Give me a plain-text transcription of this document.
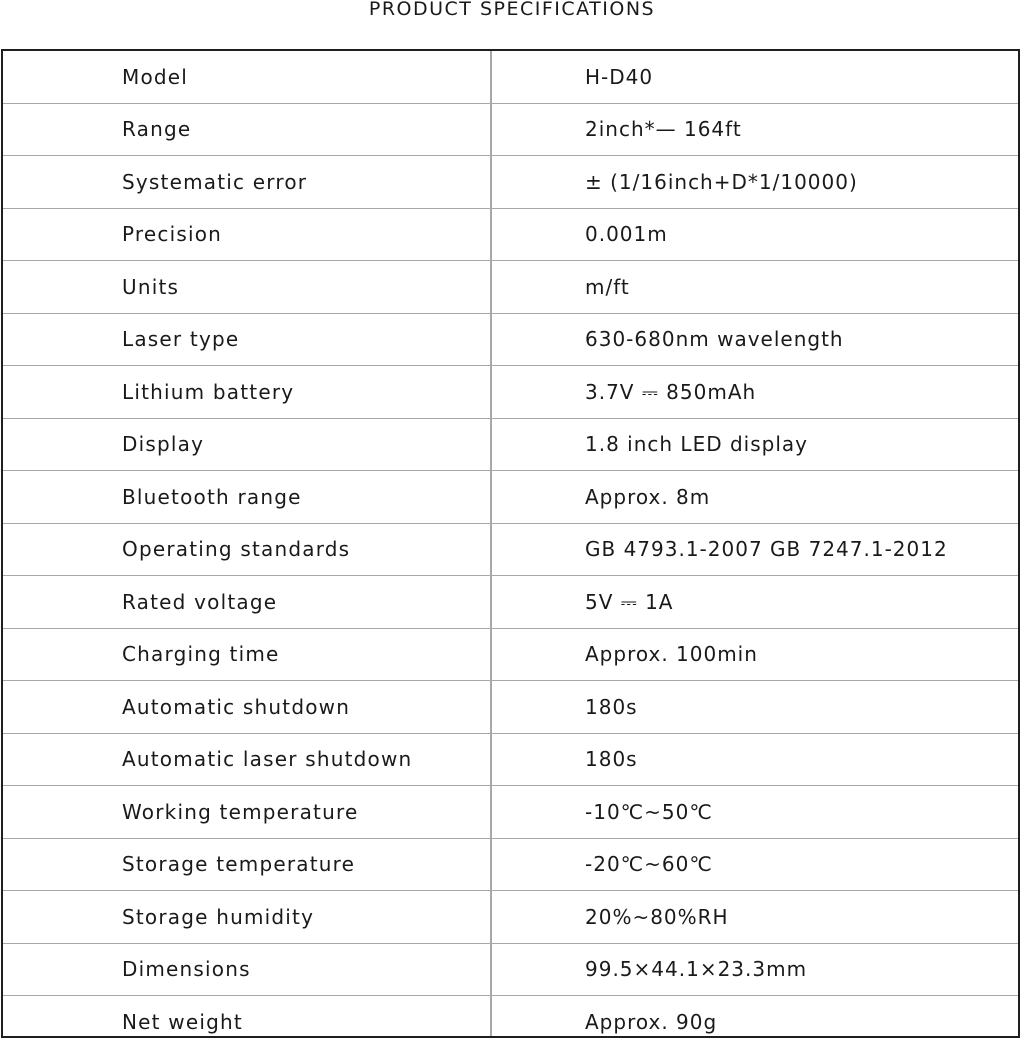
PRODUCT SPECIFICATIONS
Model	H-D40
Range	2inch*— 164ft
Systematic error	± (1/16inch+D*1/10000)
Precision	0.001m
Units	m/ft
Laser type	630-680nm wavelength
Lithium battery	3.7V ⎓ 850mAh
Display	1.8 inch LED display
Bluetooth range	Approx. 8m
Operating standards	GB 4793.1-2007 GB 7247.1-2012
Rated voltage	5V ⎓ 1A
Charging time	Approx. 100min
Automatic shutdown	180s
Automatic laser shutdown	180s
Working temperature	-10℃~50℃
Storage temperature	-20℃~60℃
Storage humidity	20%~80%RH
Dimensions	99.5×44.1×23.3mm
Net weight	Approx. 90g
